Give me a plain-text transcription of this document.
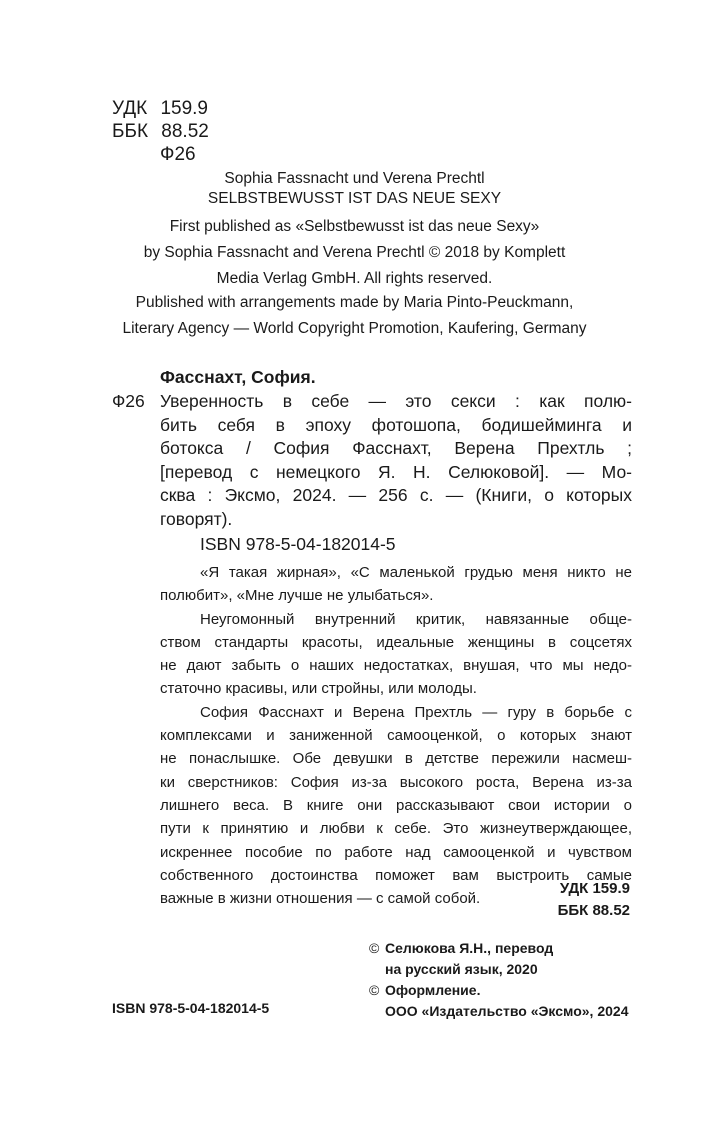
УДК 159.9
ББК 88.52
Ф26
Sophia Fassnacht und Verena Prechtl
SELBSTBEWUSST IST DAS NEUE SEXY
First published as «Selbstbewusst ist das neue Sexy»
by Sophia Fassnacht and Verena Prechtl © 2018 by Komplett
Media Verlag GmbH. All rights reserved.
Published with arrangements made by Maria Pinto-Peuckmann,
Literary Agency — World Copyright Promotion, Kaufering, Germany
Фасснахт, София.
Ф26 Уверенность в себе — это секси : как полю-
бить себя в эпоху фотошопа, бодишейминга и
ботокса / София Фасснахт, Верена Прехтль ;
[перевод с немецкого Я. Н. Селюковой]. — Мо-
сква : Эксмо, 2024. — 256 с. — (Книги, о которых
говорят).
ISBN 978-5-04-182014-5
«Я такая жирная», «С маленькой грудью меня никто не
полюбит», «Мне лучше не улыбаться».
Неугомонный внутренний критик, навязанные обще-
ством стандарты красоты, идеальные женщины в соцсетях
не дают забыть о наших недостатках, внушая, что мы недо-
статочно красивы, или стройны, или молоды.
София Фасснахт и Верена Прехтль — гуру в борьбе с
комплексами и заниженной самооценкой, о которых знают
не понаслышке. Обе девушки в детстве пережили насмеш-
ки сверстников: София из-за высокого роста, Верена из-за
лишнего веса. В книге они рассказывают свои истории о
пути к принятию и любви к себе. Это жизнеутверждающее,
искреннее пособие по работе над самооценкой и чувством
собственного достоинства поможет вам выстроить самые
важные в жизни отношения — с самой собой.
УДК 159.9
ББК 88.52
© Селюкова Я.Н., перевод
на русский язык, 2020
© Оформление.
ООО «Издательство «Эксмо», 2024
ISBN 978-5-04-182014-5
